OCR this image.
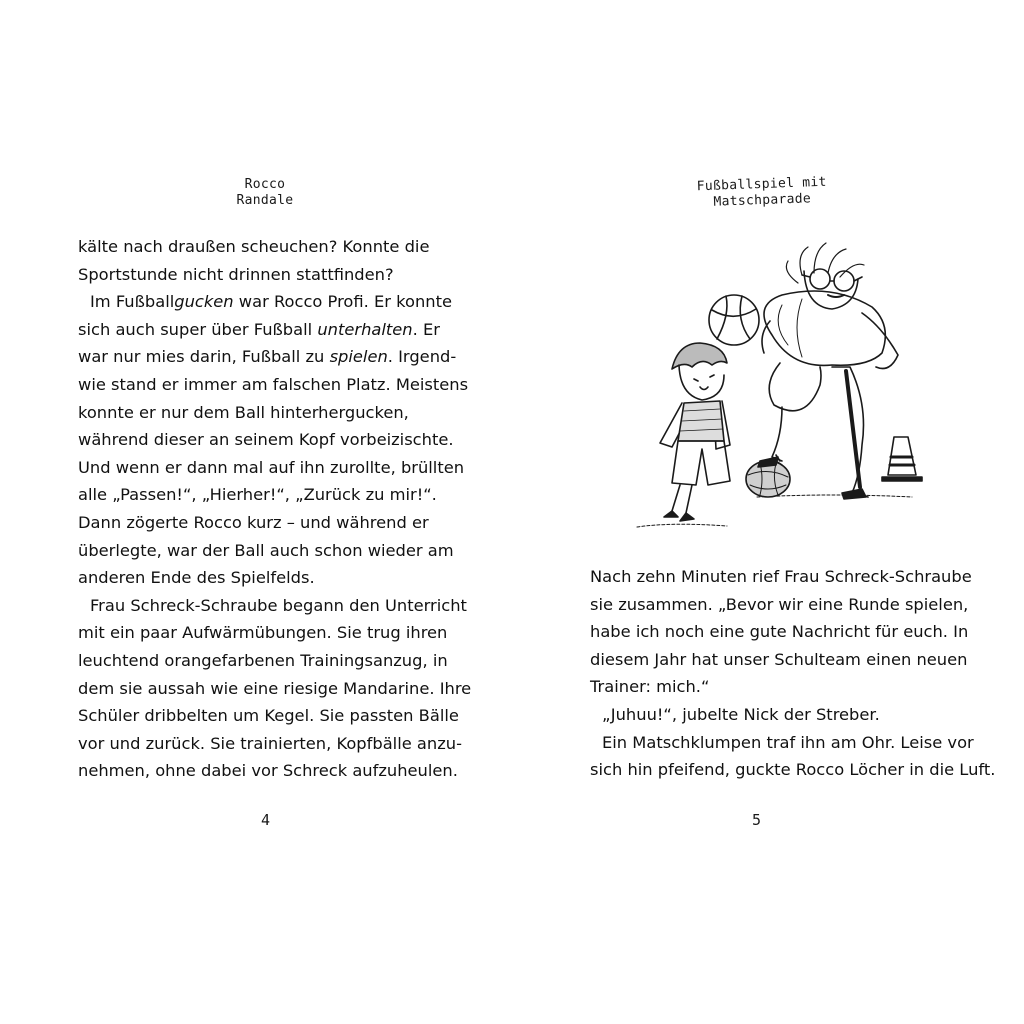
Rocco
Randale
kälte nach draußen scheuchen? Konnte die
Sportstunde nicht drinnen stattfinden?
Im Fußballgucken war Rocco Profi. Er konnte
sich auch super über Fußball unterhalten. Er
war nur mies darin, Fußball zu spielen. Irgend-
wie stand er immer am falschen Platz. Meistens
konnte er nur dem Ball hinterhergucken,
während dieser an seinem Kopf vorbeizischte.
Und wenn er dann mal auf ihn zurollte, brüllten
alle „Passen!“, „Hierher!“, „Zurück zu mir!“.
Dann zögerte Rocco kurz – und während er
überlegte, war der Ball auch schon wieder am
anderen Ende des Spielfelds.
Frau Schreck-Schraube begann den Unterricht
mit ein paar Aufwärmübungen. Sie trug ihren
leuchtend orangefarbenen Trainingsanzug, in
dem sie aussah wie eine riesige Mandarine. Ihre
Schüler dribbelten um Kegel. Sie passten Bälle
vor und zurück. Sie trainierten, Kopfbälle anzu-
nehmen, ohne dabei vor Schreck aufzuheulen.
4
Fußballspiel mit
Matschparade
Nach zehn Minuten rief Frau Schreck-Schraube
sie zusammen. „Bevor wir eine Runde spielen,
habe ich noch eine gute Nachricht für euch. In
diesem Jahr hat unser Schulteam einen neuen
Trainer: mich.“
„Juhuu!“, jubelte Nick der Streber.
Ein Matschklumpen traf ihn am Ohr. Leise vor
sich hin pfeifend, guckte Rocco Löcher in die Luft.
5
